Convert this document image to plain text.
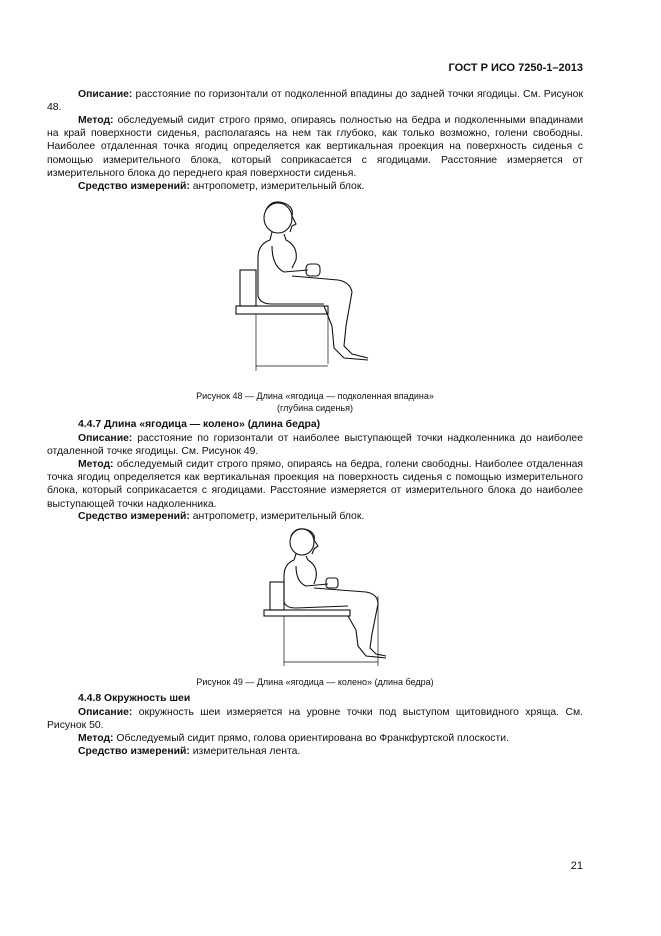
ГОСТ Р ИСО 7250-1–2013

Описание: расстояние по горизонтали от подколенной впадины до задней точки ягодицы. См. Рисунок 48.

Метод: обследуемый сидит строго прямо, опираясь полностью на бедра и подколенными впадинами на край поверхности сиденья, располагаясь на нем так глубоко, как только возможно, голени свободны. Наиболее отдаленная точка ягодиц определяется как вертикальная проекция на поверхность сиденья с помощью измерительного блока, который соприкасается с ягодицами. Расстояние измеряется от измерительного блока до переднего края поверхности сиденья.

Средство измерений: антропометр, измерительный блок.

Рисунок 48 — Длина «ягодица — подколенная впадина»
(глубина сиденья)
4.4.7 Длина «ягодица — колено» (длина бедра)

Описание: расстояние по горизонтали от наиболее выступающей точки надколенника до наиболее отдаленной точке ягодицы. См. Рисунок 49.

Метод: обследуемый сидит строго прямо, опираясь на бедра, голени свободны. Наиболее отдаленная точка ягодиц определяется как вертикальная проекция на поверхность сиденья с помощью измерительного блока, который соприкасается с ягодицами. Расстояние измеряется от измерительного блока до наиболее выступающей точки надколенника.

Средство измерений: антропометр, измерительный блок.

Рисунок 49 — Длина «ягодица — колено» (длина бедра)
4.4.8 Окружность шеи

Описание: окружность шеи измеряется на уровне точки под выступом щитовидного хряща. См. Рисунок 50.

Метод: Обследуемый сидит прямо, голова ориентирована во Франкфуртской плоскости.

Средство измерений: измерительная лента.

21
